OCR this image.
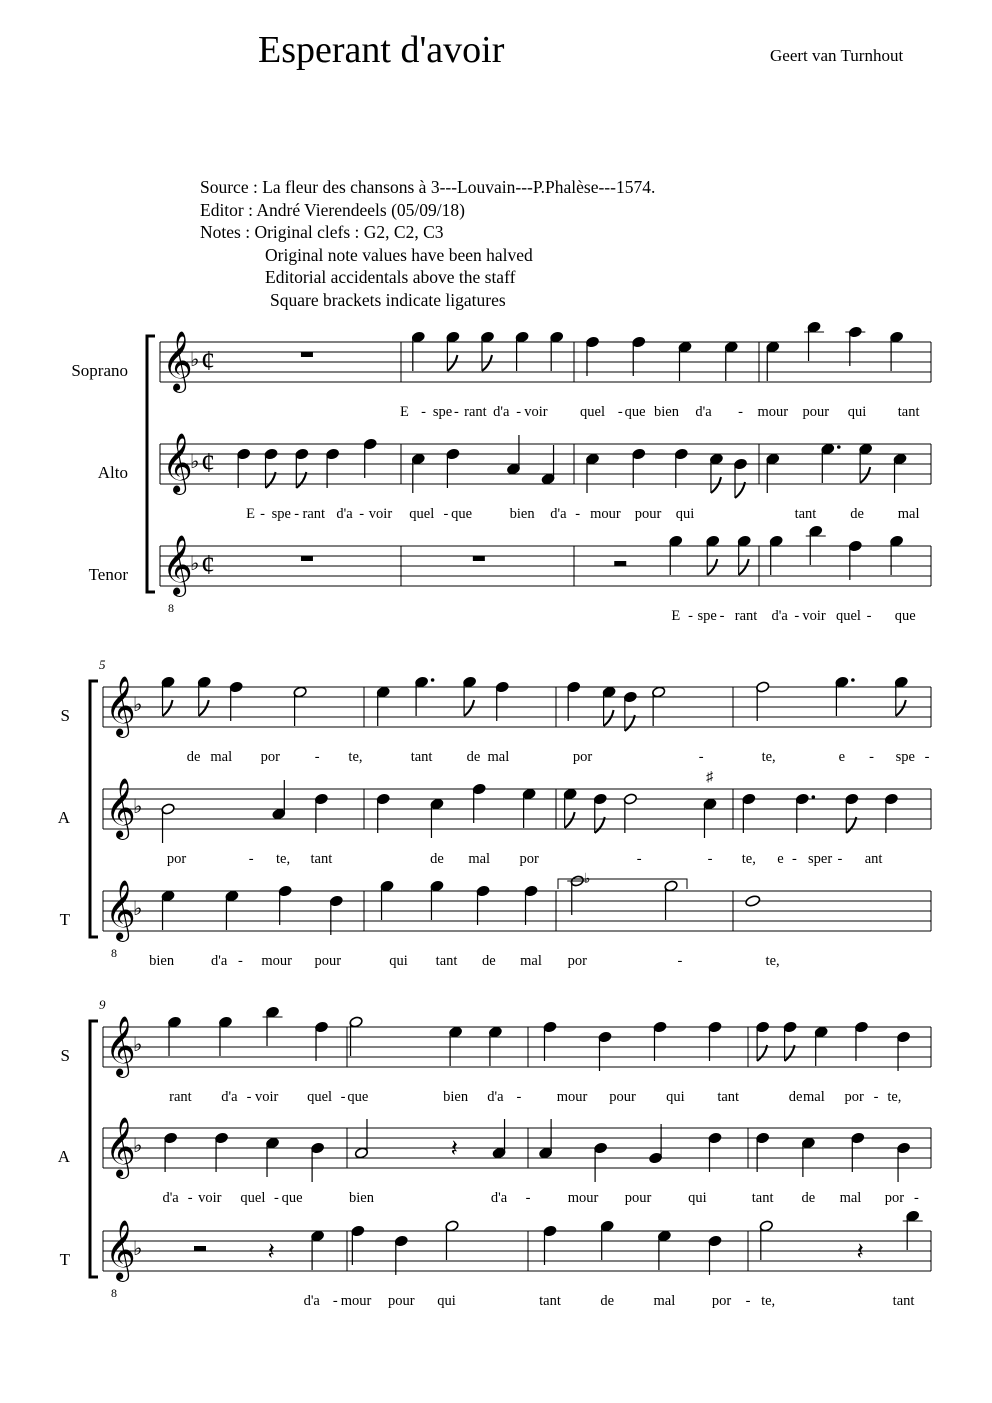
Esperant d'avoir	Geert van Turnhout
Source : La fleur des chansons à 3---Louvain---P.Phalèse---1574.
Editor : André Vierendeels (05/09/18)
Notes : Original clefs : G2, C2, C3
Original note values have been halved
Editorial accidentals above the staff
Square brackets indicate ligatures
Soprano 𝄞
♭ ¢
E - spe - rant d'a - voir quel - que bien d'a - mour pour qui tant
Alto 𝄞
♭ ¢
E - spe - rant d'a - voir quel - que	bien d'a - mour pour qui	tant de mal
Tenor 𝄞
8
♭ ¢
E - spe - rant d'a - voir quel - que
5
S 𝄞
♭
de mal por - te,	tant de mal	por	-	te,	e - spe -
A 𝄞
♭
por	- te, tant	de mal por	-	- te, e - sper - ant
T 𝄞
8
♭
bien	d'a - mour pour	qui tant de mal por	-	te,
9
S 𝄞
♭
rant d'a - voir quel - que	bien d'a - mour pour qui tant	de mal por - te,
A 𝄞
♭	𝄽
d'a - voir quel - que	bien	d'a -	mour pour	qui	tant de mal por -
T 𝄞
8
♭	𝄽	𝄽
d'a - mour pour qui	tant	de	mal	por - te,	tant
♯
♭
